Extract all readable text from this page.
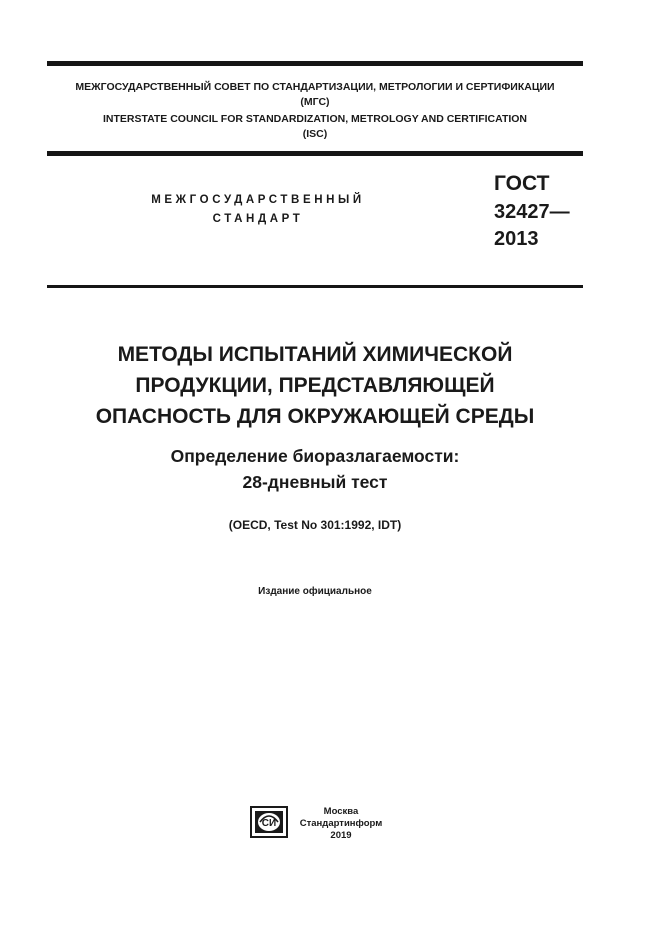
МЕЖГОСУДАРСТВЕННЫЙ СОВЕТ ПО СТАНДАРТИЗАЦИИ, МЕТРОЛОГИИ И СЕРТИФИКАЦИИ
(МГС)
INTERSTATE COUNCIL FOR STANDARDIZATION, METROLOGY AND CERTIFICATION
(ISC)
МЕЖГОСУДАРСТВЕННЫЙ
СТАНДАРТ
ГОСТ
32427—
2013
МЕТОДЫ ИСПЫТАНИЙ ХИМИЧЕСКОЙ
ПРОДУКЦИИ, ПРЕДСТАВЛЯЮЩЕЙ
ОПАСНОСТЬ ДЛЯ ОКРУЖАЮЩЕЙ СРЕДЫ
Определение биоразлагаемости:
28-дневный тест
(OECD, Test No 301:1992, IDT)
Издание официальное
СИ
Москва
Стандартинформ
2019
